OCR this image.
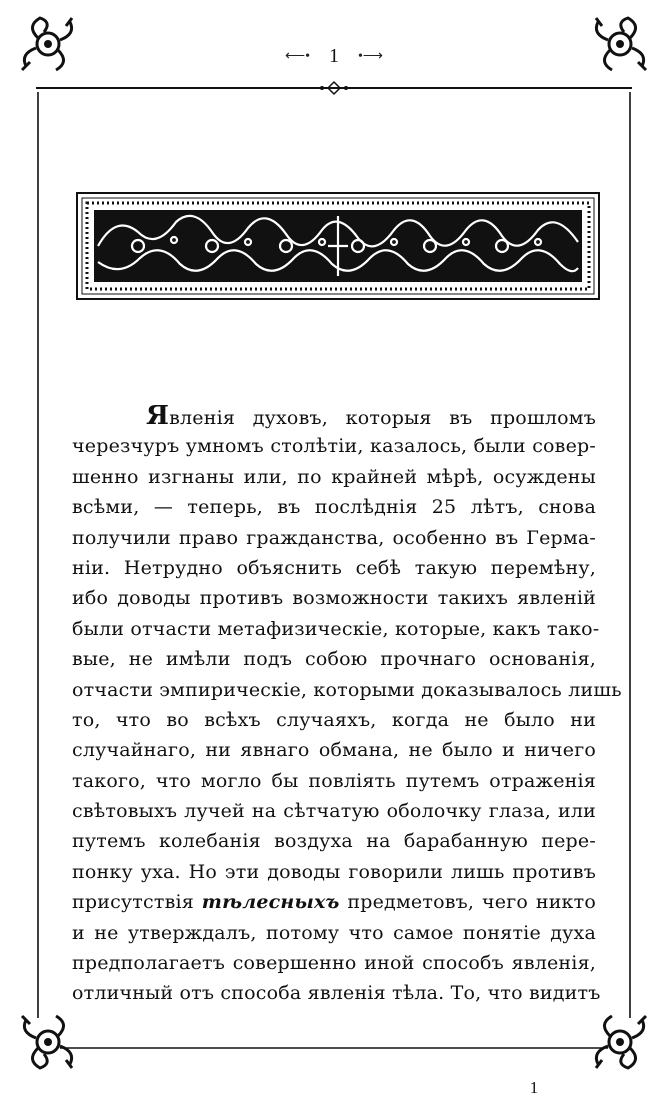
⟵• 1 •⟶
Явленія духовъ, которыя въ прошломъ
черезчуръ умномъ столѣтіи, казалось, были совер-
шенно изгнаны или, по крайней мѣрѣ, осуждены
всѣми, — теперь, въ послѣднія 25 лѣтъ, снова
получили право гражданства, особенно въ Герма-
ніи. Нетрудно объяснить себѣ такую перемѣну,
ибо доводы противъ возможности такихъ явленій
были отчасти метафизическіе, которые, какъ тако-
вые, не имѣли подъ собою прочнаго основанія,
отчасти эмпирическіе, которыми доказывалось лишь
то, что во всѣхъ случаяхъ, когда не было ни
случайнаго, ни явнаго обмана, не было и ничего
такого, что могло бы повліять путемъ отраженія
свѣтовыхъ лучей на сѣтчатую оболочку глаза, или
путемъ колебанія воздуха на барабанную пере-
понку уха. Но эти доводы говорили лишь противъ
присутствія тѣлесныхъ предметовъ, чего никто
и не утверждалъ, потому что самое понятіе духа
предполагаетъ совершенно иной способъ явленія,
отличный отъ способа явленія тѣла. То, что видитъ
1
